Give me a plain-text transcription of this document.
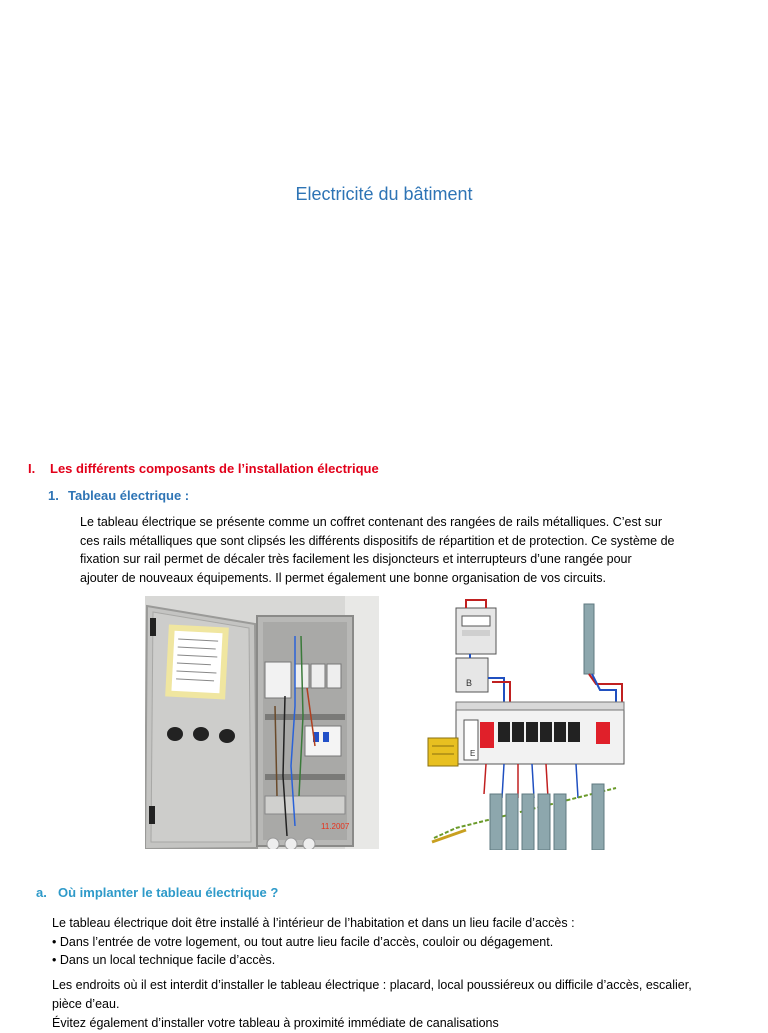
Electricité du bâtiment
I. Les différents composants de l’installation électrique
1. Tableau électrique :
Le tableau électrique se présente comme un coffret contenant des rangées de rails métalliques. C’est sur
ces rails métalliques que sont clipsés les différents dispositifs de répartition et de protection. Ce système de
fixation sur rail permet de décaler très facilement les disjoncteurs et interrupteurs d’une rangée pour
ajouter de nouveaux équipements. Il permet également une bonne organisation de vos circuits.
11.2007
B
E
a. Où implanter le tableau électrique ?
Le tableau électrique doit être installé à l’intérieur de l’habitation et dans un lieu facile d’accès :
• Dans l’entrée de votre logement, ou tout autre lieu facile d’accès, couloir ou dégagement.
• Dans un local technique facile d’accès.
Les endroits où il est interdit d’installer le tableau électrique : placard, local poussiéreux ou difficile d’accès, escalier,
pièce d’eau.
Évitez également d’installer votre tableau à proximité immédiate de canalisations
